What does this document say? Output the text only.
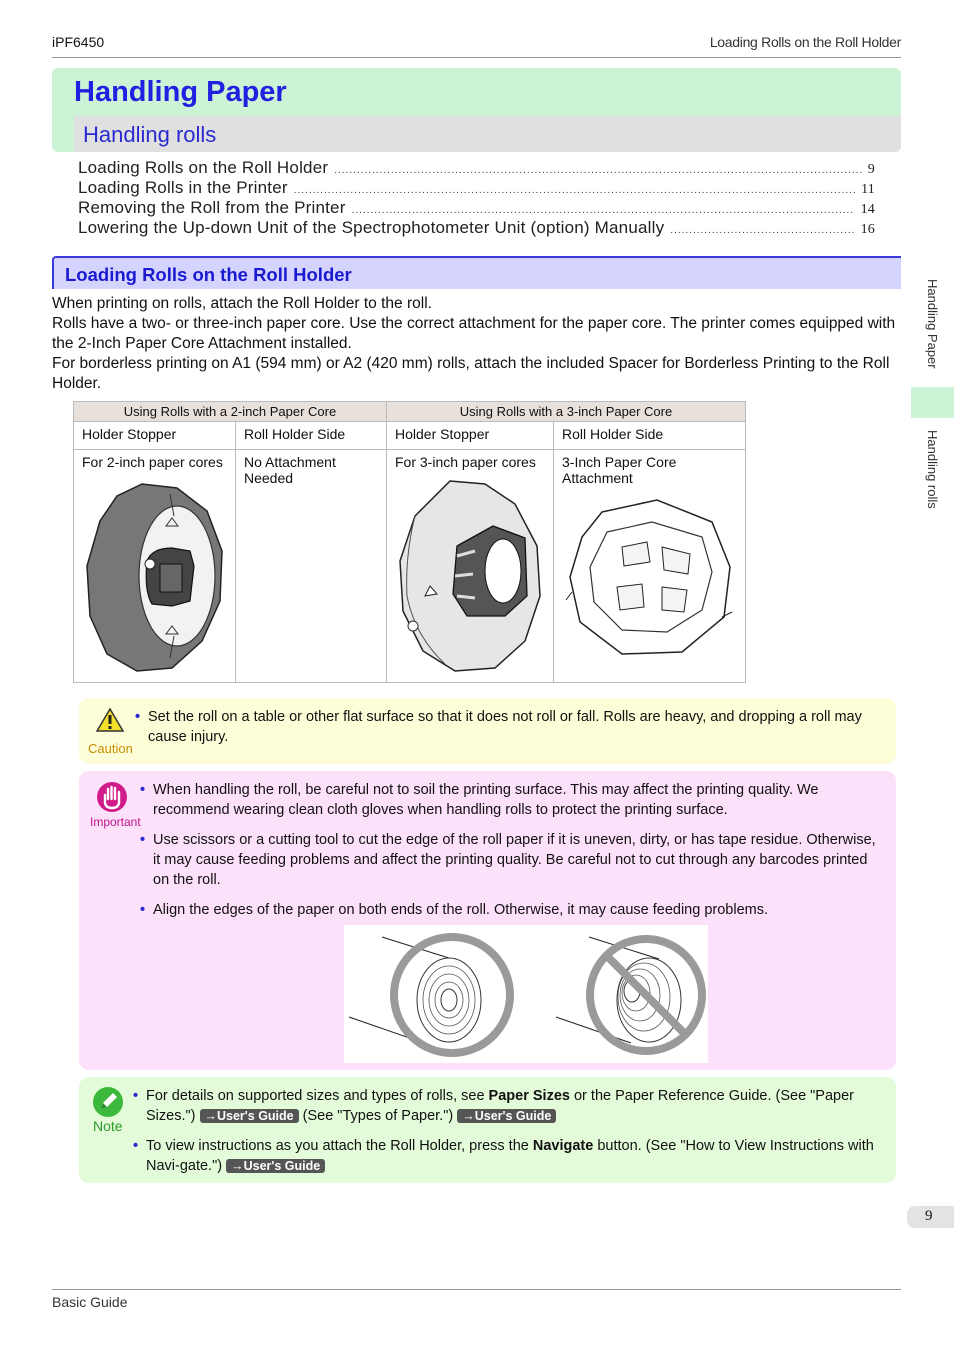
iPF6450	Loading Rolls on the Roll Holder
Handling Paper
Handling rolls
Loading Rolls on the Roll Holder .....	9
Loading Rolls in the Printer .....	11
Removing the Roll from the Printer .....	14
Lowering the Up-down Unit of the Spectrophotometer Unit (option) Manually .....	16
Loading Rolls on the Roll Holder

When printing on rolls, attach the Roll Holder to the roll.

Rolls have a two- or three-inch paper core. Use the correct attachment for the paper core. The printer comes equipped with the 2-Inch Paper Core Attachment installed.

For borderless printing on A1 (594 mm) or A2 (420 mm) rolls, attach the included Spacer for Borderless Printing to the Roll Holder.

Using Rolls with a 2-inch Paper Core		Using Rolls with a 3-inch Paper Core	
Holder Stopper	Roll Holder Side	Holder Stopper	Roll Holder Side
For 2-inch paper cores	No Attachment Needed	For 3-inch paper cores	3-Inch Paper Core Attachment
Caution
• Set the roll on a table or other flat surface so that it does not roll or fall. Rolls are heavy, and dropping a roll may cause injury.
Important
• When handling the roll, be careful not to soil the printing surface. This may affect the printing quality. We recommend wearing clean cloth gloves when handling rolls to protect the printing surface.
• Use scissors or a cutting tool to cut the edge of the roll paper if it is uneven, dirty, or has tape residue. Otherwise, it may cause feeding problems and affect the printing quality. Be careful not to cut through any barcodes printed on the roll.
• Align the edges of the paper on both ends of the roll. Otherwise, it may cause feeding problems.
Note
• For details on supported sizes and types of rolls, see Paper Sizes or the Paper Reference Guide. (See "Paper Sizes.") →User's Guide (See "Types of Paper.") →User's Guide
• To view instructions as you attach the Roll Holder, press the Navigate button. (See "How to View Instructions with Navi-gate.") →User's Guide
Handling Paper
Handling rolls
9
Basic Guide
